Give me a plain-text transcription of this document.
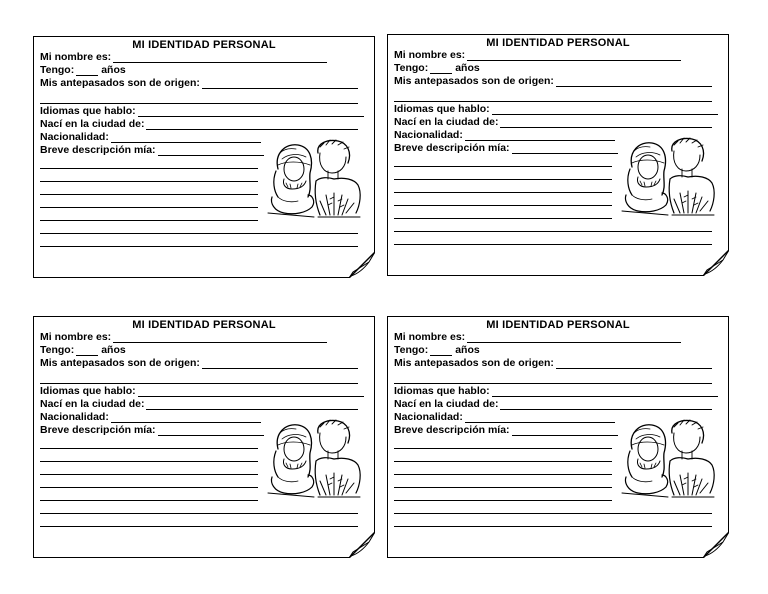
MI IDENTIDAD PERSONAL
Mi nombre es:
Tengo:	años
Mis antepasados son de origen:
Idiomas que hablo:
Nací en la ciudad de:
Nacionalidad:
Breve descripción mía:
MI IDENTIDAD PERSONAL
Mi nombre es:
Tengo:	años
Mis antepasados son de origen:
Idiomas que hablo:
Nací en la ciudad de:
Nacionalidad:
Breve descripción mía:
MI IDENTIDAD PERSONAL
Mi nombre es:
Tengo:	años
Mis antepasados son de origen:
Idiomas que hablo:
Nací en la ciudad de:
Nacionalidad:
Breve descripción mía:
MI IDENTIDAD PERSONAL
Mi nombre es:
Tengo:	años
Mis antepasados son de origen:
Idiomas que hablo:
Nací en la ciudad de:
Nacionalidad:
Breve descripción mía:
